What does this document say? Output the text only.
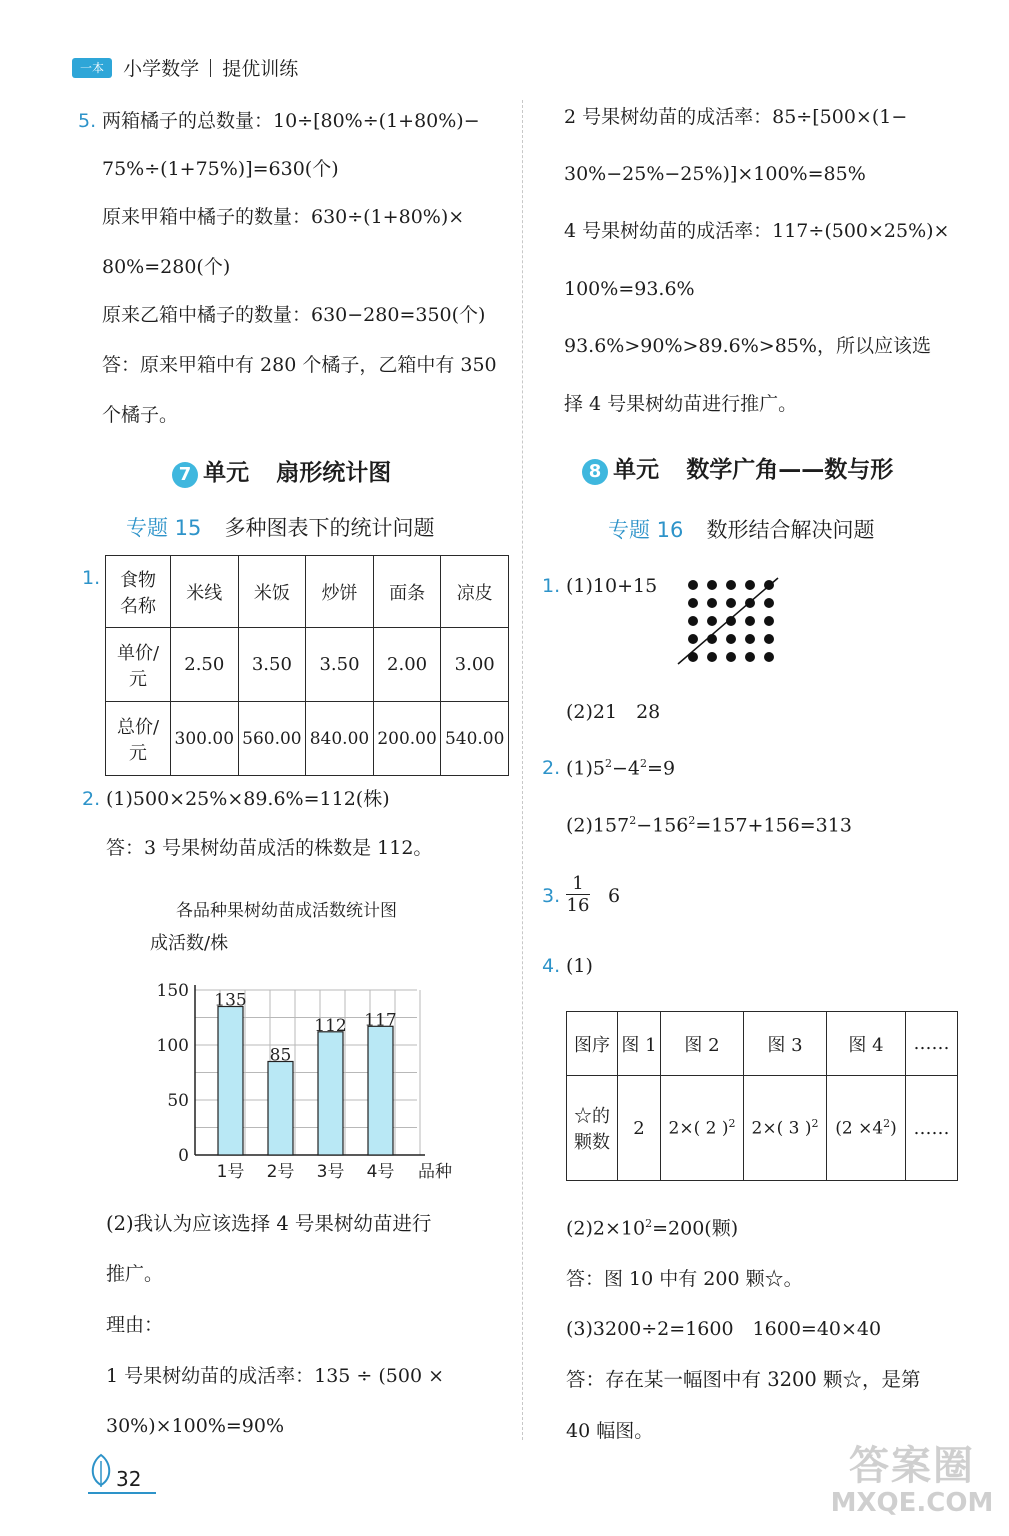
一本 小学数学 提优训练
5. 两箱橘子的总数量：10÷[80%÷(1+80%)−
75%÷(1+75%)]=630(个)
原来甲箱中橘子的数量：630÷(1+80%)×
80%=280(个)
原来乙箱中橘子的数量：630−280=350(个)
答：原来甲箱中有 280 个橘子，乙箱中有 350
个橘子。
7 单元 扇形统计图
专题 15 多种图表下的统计问题
1. 食物
名称	米线	米饭	炒饼	面条	凉皮
单价/
元	2.50	3.50	3.50	2.00	3.00
总价/
元	300.00	560.00	840.00	200.00	540.00
2. (1)500×25%×89.6%=112(株)
答：3 号果树幼苗成活的株数是 112。
各品种果树幼苗成活数统计图
成活数/株
0
50
100
150 135
1号
85
2号
112
3号
117
4号 品种
(2)我认为应该选择 4 号果树幼苗进行
推广。
理由：
1 号果树幼苗的成活率：135 ÷ (500 ×
30%)×100%=90%
2 号果树幼苗的成活率：85÷[500×(1−
30%−25%−25%)]×100%=85%
4 号果树幼苗的成活率：117÷(500×25%)×
100%=93.6%
93.6%>90%>89.6%>85%，所以应该选
择 4 号果树幼苗进行推广。
8 单元 数学广角——数与形
专题 16 数形结合解决问题
1. (1)10+15
(2)21　28
2. $(1)5^2-4^2=9$
$(2)157^2-156^2=157+156=313$
3.
1
16 6
4. (1)
图序	图 1	图 2	图 3	图 4	……
☆的
颗数	2	2×( 2 )$^2$	2×( 3 )$^2$	$(2 \times 4^2)$	……
$(2)2\times 10^2=200$(颗)
答：图 10 中有 200 颗☆。
(3)3200÷2=1600　1600=40×40
答：存在某一幅图中有 3200 颗☆，是第
40 幅图。
32	答案圈
MXQE.COM
